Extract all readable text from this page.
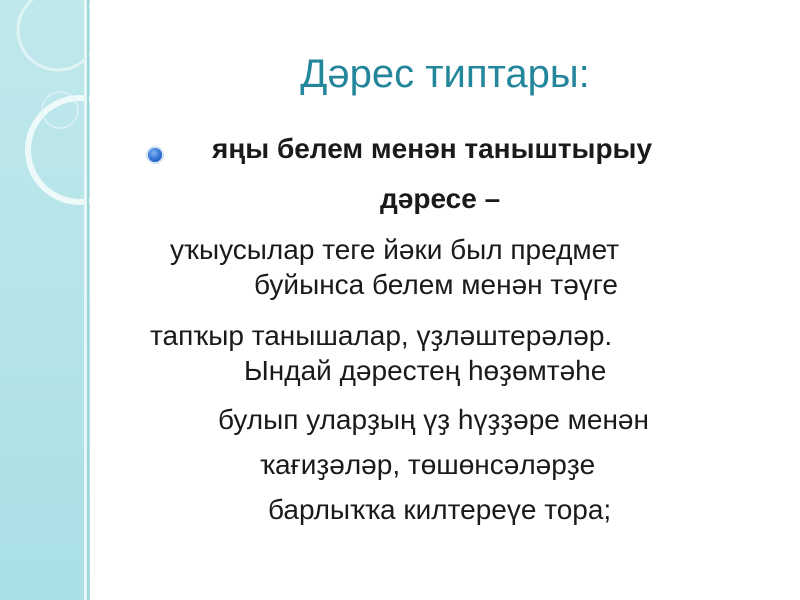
Дәрес типтары:
яңы белем менән таныштырыу
дәресе –
уҡыусылар теге йәки был предмет
буйынса белем менән тәүге
тапҡыр танышалар, үҙләштерәләр.
Ындай дәрестең һөҙөмтәһе
булып уларҙың үҙ һүҙҙәре менән
ҡағиҙәләр, төшөнсәләрҙе
барлыҡҡа килтереүе тора;
